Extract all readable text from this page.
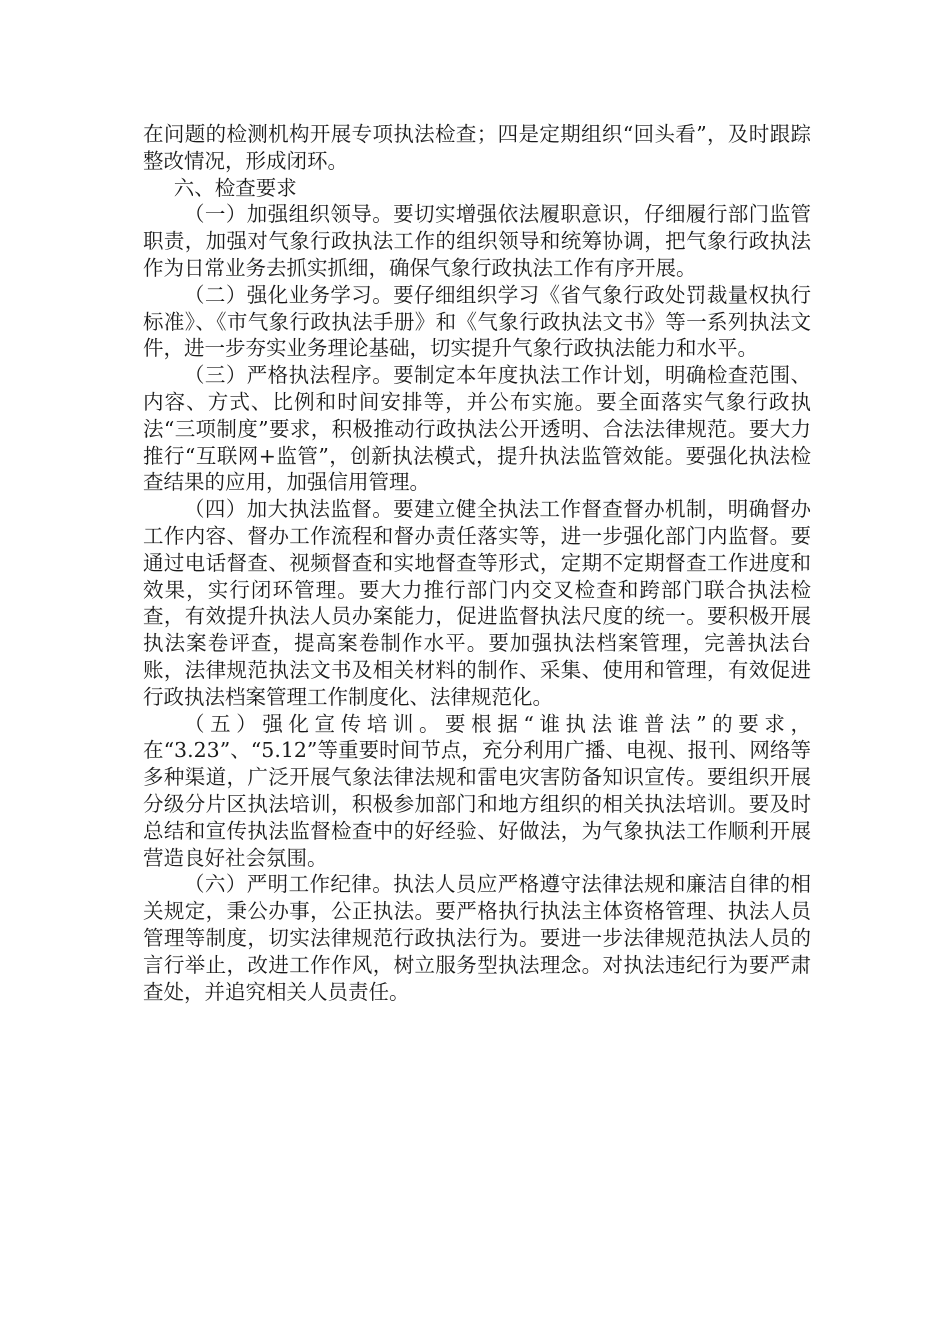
在问题的检测机构开展专项执法检查；四是定期组织“回头看”，及时跟踪整改情况，形成闭环。

六、检查要求

（一）加强组织领导。要切实增强依法履职意识，仔细履行部门监管职责，加强对气象行政执法工作的组织领导和统筹协调，把气象行政执法作为日常业务去抓实抓细，确保气象行政执法工作有序开展。

（二）强化业务学习。要仔细组织学习《省气象行政处罚裁量权执行标准》、《市气象行政执法手册》和《气象行政执法文书》等一系列执法文件，进一步夯实业务理论基础，切实提升气象行政执法能力和水平。

（三）严格执法程序。要制定本年度执法工作计划，明确检查范围、内容、方式、比例和时间安排等，并公布实施。要全面落实气象行政执法“三项制度”要求，积极推动行政执法公开透明、合法法律规范。要大力推行“互联网+监管”，创新执法模式，提升执法监管效能。要强化执法检查结果的应用，加强信用管理。

（四）加大执法监督。要建立健全执法工作督查督办机制，明确督办工作内容、督办工作流程和督办责任落实等，进一步强化部门内监督。要通过电话督查、视频督查和实地督查等形式，定期不定期督查工作进度和效果，实行闭环管理。要大力推行部门内交叉检查和跨部门联合执法检查，有效提升执法人员办案能力，促进监督执法尺度的统一。要积极开展执法案卷评查，提高案卷制作水平。要加强执法档案管理，完善执法台账，法律规范执法文书及相关材料的制作、采集、使用和管理，有效促进行政执法档案管理工作制度化、法律规范化。

（五）强化宣传培训。要根据“谁执法谁普法”的要求，在“3.23”、“5.12”等重要时间节点，充分利用广播、电视、报刊、网络等多种渠道，广泛开展气象法律法规和雷电灾害防备知识宣传。要组织开展分级分片区执法培训，积极参加部门和地方组织的相关执法培训。要及时总结和宣传执法监督检查中的好经验、好做法，为气象执法工作顺利开展营造良好社会氛围。

（六）严明工作纪律。执法人员应严格遵守法律法规和廉洁自律的相关规定，秉公办事，公正执法。要严格执行执法主体资格管理、执法人员管理等制度，切实法律规范行政执法行为。要进一步法律规范执法人员的言行举止，改进工作作风，树立服务型执法理念。对执法违纪行为要严肃查处，并追究相关人员责任。
